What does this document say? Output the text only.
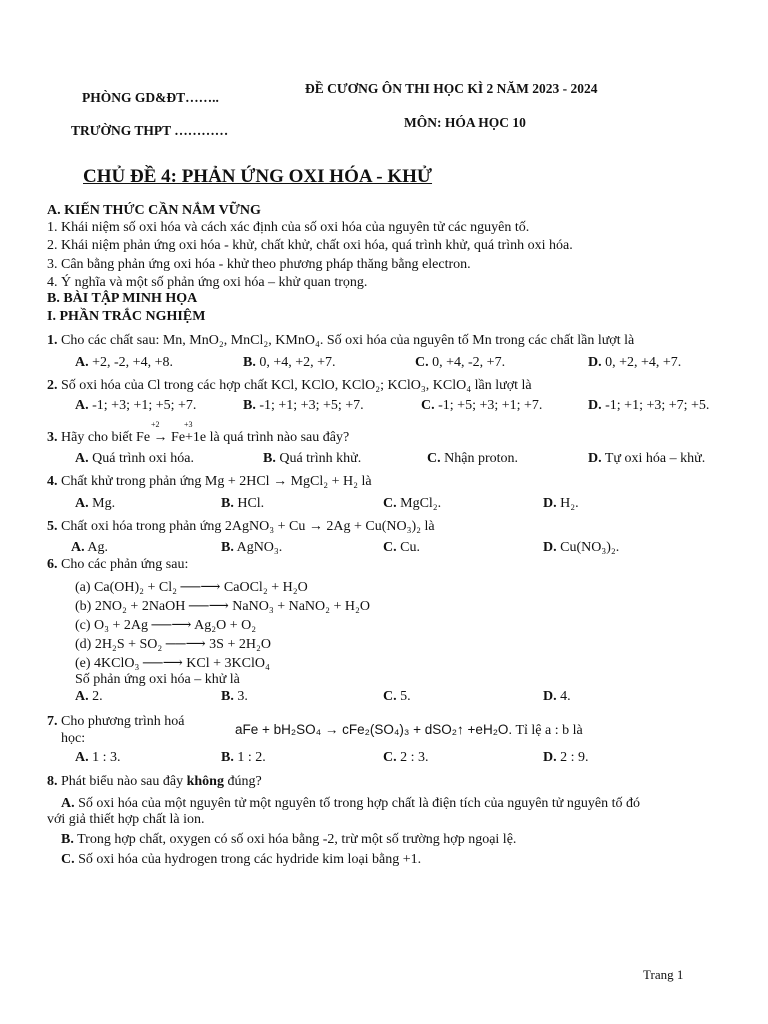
PHÒNG GD&ĐT……..
TRƯỜNG THPT …………
ĐỀ CƯƠNG ÔN THI HỌC KÌ 2 NĂM 2023 - 2024
MÔN: HÓA HỌC 10
CHỦ ĐỀ 4: PHẢN ỨNG OXI HÓA - KHỬ
A. KIẾN THỨC CẦN NẮM VỮNG
1. Khái niệm số oxi hóa và cách xác định của số oxi hóa của nguyên tử các nguyên tố.
2. Khái niệm phản ứng oxi hóa - khử, chất khử, chất oxi hóa, quá trình khử, quá trình oxi hóa.
3. Cân bằng phản ứng oxi hóa - khử theo phương pháp thăng bằng electron.
4. Ý nghĩa và một số phản ứng oxi hóa – khử quan trọng.
B. BÀI TẬP MINH HỌA
I. PHẦN TRẮC NGHIỆM
1. Cho các chất sau: Mn, MnO₂, MnCl₂, KMnO₄. Số oxi hóa của nguyên tố Mn trong các chất lần lượt là
A. +2, -2, +4, +8.	B. 0, +4, +2, +7.	C. 0, +4, -2, +7.	D. 0, +2, +4, +7.
2. Số oxi hóa của Cl trong các hợp chất KCl, KClO, KClO₂; KClO₃, KClO₄ lần lượt là
A. -1; +3; +1; +5; +7.	B. -1; +1; +3; +5; +7.	C. -1; +5; +3; +1; +7.	D. -1; +1; +3; +7; +5.
+2	+3
3. Hãy cho biết Fe → Fe+1e là quá trình nào sau đây?
A. Quá trình oxi hóa.	B. Quá trình khử.	C. Nhận proton.	D. Tự oxi hóa – khử.
4. Chất khử trong phản ứng Mg + 2HCl → MgCl₂ + H₂ là
A. Mg.	B. HCl.	C. MgCl₂.	D. H₂.
5. Chất oxi hóa trong phản ứng 2AgNO₃ + Cu → 2Ag + Cu(NO₃)₂ là
A. Ag.	B. AgNO₃.	C. Cu.	D. Cu(NO₃)₂.
6. Cho các phản ứng sau:
(a) Ca(OH)₂ + Cl₂ ──⟶ CaOCl₂ + H₂O
(b) 2NO₂ + 2NaOH ──⟶ NaNO₃ + NaNO₂ + H₂O
(c) O₃ + 2Ag ──⟶ Ag₂O + O₂
(d) 2H₂S + SO₂ ──⟶ 3S + 2H₂O
(e) 4KClO₃ ──⟶ KCl + 3KClO₄
Số phản ứng oxi hóa – khử là
A. 2.	B. 3.	C. 5.	D. 4.
7. Cho phương trình hoá
học:
aFe + bH₂SO₄ → cFe₂(SO₄)₃ + dSO₂↑ +eH₂O. Tỉ lệ a : b là
A. 1 : 3.	B. 1 : 2.	C. 2 : 3.	D. 2 : 9.
8. Phát biểu nào sau đây không đúng?
A. Số oxi hóa của một nguyên tử một nguyên tố trong hợp chất là điện tích của nguyên tử nguyên tố đó
với giả thiết hợp chất là ion.
B. Trong hợp chất, oxygen có số oxi hóa bằng -2, trừ một số trường hợp ngoại lệ.
C. Số oxi hóa của hydrogen trong các hydride kim loại bằng +1.
Trang 1
